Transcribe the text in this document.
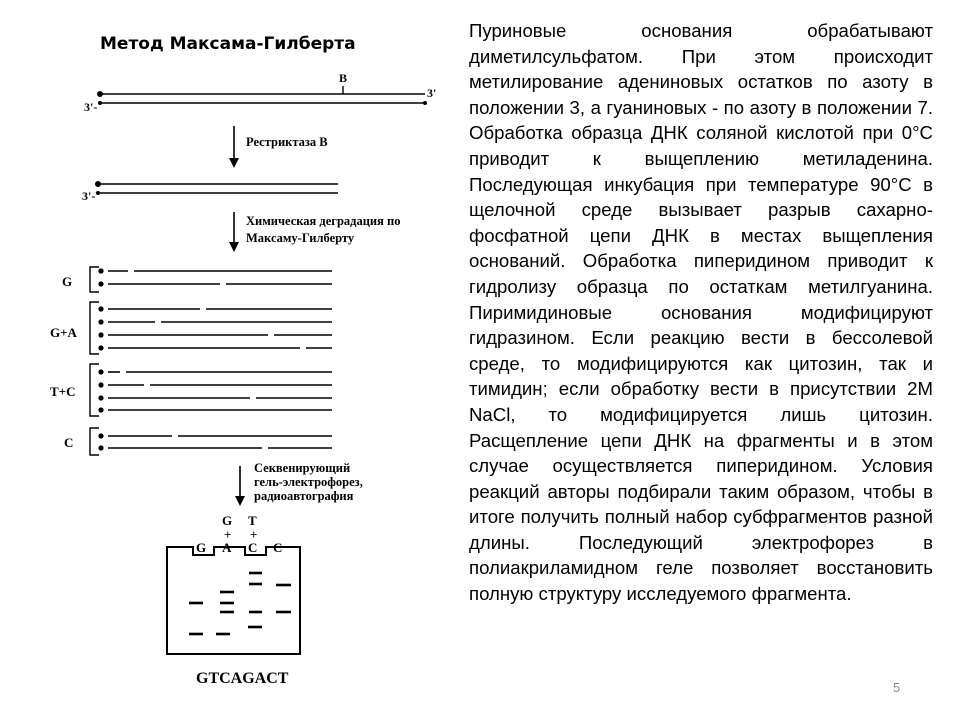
Метод Максама-Гилберта
B
3'-
3'
Рестриктаза В
3'-
Химическая деградация по
Максаму-Гилберту
G
G+A
T+C
C
Секвенирующий
гель-электрофорез,
радиоавтография
G T
+ +
G A C C
GTCAGACT

Пуриновые основания обрабатывают диметилсульфатом. При этом происходит метилирование адениновых остатков по азоту в положении 3, а гуаниновых - по азоту в положении 7. Обработка образца ДНК соляной кислотой при 0°С приводит к выщеплению метиладенина. Последующая инкубация при температуре 90°С в щелочной среде вызывает разрыв сахарно-фосфатной цепи ДНК в местах выщепления оснований. Обработка пиперидином приводит к гидролизу образца по остаткам метилгуанина. Пиримидиновые основания модифицируют гидразином. Если реакцию вести в бессолевой среде, то модифицируются как цитозин, так и тимидин; если обработку вести в присутствии 2М NaCl, то модифицируется лишь цитозин. Расщепление цепи ДНК на фрагменты и в этом случае осуществляется пиперидином. Условия реакций авторы подбирали таким образом, чтобы в итоге получить полный набор субфрагментов разной длины. Последующий электрофорез в полиакриламидном геле позволяет восстановить полную структуру исследуемого фрагмента.

5
